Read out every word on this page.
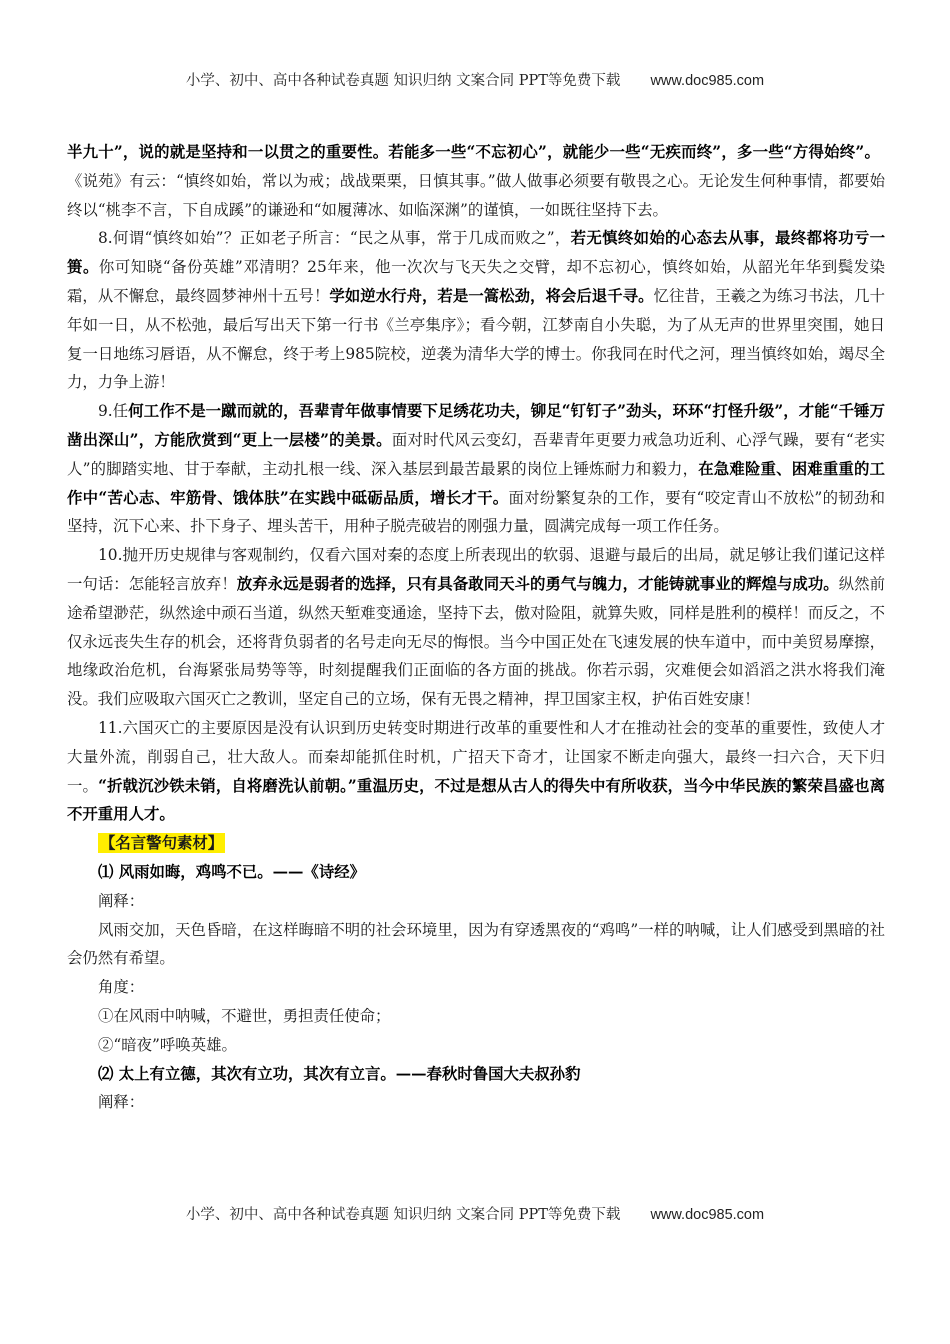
小学、初中、高中各种试卷真题 知识归纳 文案合同 PPT等免费下载 www.doc985.com

半九十”，说的就是坚持和一以贯之的重要性。若能多一些“不忘初心”，就能少一些“无疾而终”，多一些“方得始终”。  《说苑》有云：“慎终如始，常以为戒；战战栗栗，日慎其事。”做人做事必须要有敬畏之心。无论发生何种事情，都要始终以“桃李不言，下自成蹊”的谦逊和“如履薄冰、如临深渊”的谨慎，一如既往坚持下去。

8.何谓“慎终如始”？正如老子所言：“民之从事，常于几成而败之”，若无慎终如始的心态去从事，最终都将功亏一篑。你可知晓“备份英雄”邓清明？25年来，他一次次与飞天失之交臂，却不忘初心，慎终如始，从韶光年华到鬓发染霜，从不懈怠，最终圆梦神州十五号！学如逆水行舟，若是一篙松劲，将会后退千寻。忆往昔，王羲之为练习书法，几十年如一日，从不松弛，最后写出天下第一行书《兰亭集序》；看今朝，江梦南自小失聪，为了从无声的世界里突围，她日复一日地练习唇语，从不懈怠，终于考上985院校，逆袭为清华大学的博士。你我同在时代之河，理当慎终如始，竭尽全力，力争上游！

9.任何工作不是一蹴而就的，吾辈青年做事情要下足绣花功夫，铆足“钉钉子”劲头，环环“打怪升级”，才能“千锤万凿出深山”，方能欣赏到“更上一层楼”的美景。面对时代风云变幻，吾辈青年更要力戒急功近利、心浮气躁，要有“老实人”的脚踏实地、甘于奉献，主动扎根一线、深入基层到最苦最累的岗位上锤炼耐力和毅力，在急难险重、困难重重的工作中“苦心志、牢筋骨、饿体肤”在实践中砥砺品质，增长才干。面对纷繁复杂的工作，要有“咬定青山不放松”的韧劲和坚持，沉下心来、扑下身子、埋头苦干，用种子脱壳破岩的刚强力量，圆满完成每一项工作任务。

10.抛开历史规律与客观制约，仅看六国对秦的态度上所表现出的软弱、退避与最后的出局，就足够让我们谨记这样一句话：怎能轻言放弃！放弃永远是弱者的选择，只有具备敢同天斗的勇气与魄力，才能铸就事业的辉煌与成功。纵然前途希望渺茫，纵然途中顽石当道，纵然天堑难变通途，坚持下去，傲对险阻，就算失败，同样是胜利的模样！而反之，不仅永远丧失生存的机会，还将背负弱者的名号走向无尽的悔恨。当今中国正处在飞速发展的快车道中，而中美贸易摩擦，地缘政治危机，台海紧张局势等等，时刻提醒我们正面临的各方面的挑战。你若示弱，灾难便会如滔滔之洪水将我们淹没。我们应吸取六国灭亡之教训，坚定自己的立场，保有无畏之精神，捍卫国家主权，护佑百姓安康！

11.六国灭亡的主要原因是没有认识到历史转变时期进行改革的重要性和人才在推动社会的变革的重要性，致使人才大量外流，削弱自己，壮大敌人。而秦却能抓住时机，广招天下奇才，让国家不断走向强大，最终一扫六合，天下归一。“折戟沉沙铁未销，自将磨洗认前朝。”重温历史，不过是想从古人的得失中有所收获，当今中华民族的繁荣昌盛也离不开重用人才。

【名言警句素材】

⑴ 风雨如晦，鸡鸣不已。——《诗经》

阐释：

风雨交加，天色昏暗，在这样晦暗不明的社会环境里，因为有穿透黑夜的“鸡鸣”一样的呐喊，让人们感受到黑暗的社会仍然有希望。

角度：

①在风雨中呐喊，不避世，勇担责任使命；

②“暗夜”呼唤英雄。

⑵ 太上有立德，其次有立功，其次有立言。——春秋时鲁国大夫叔孙豹

阐释：

小学、初中、高中各种试卷真题 知识归纳 文案合同 PPT等免费下载 www.doc985.com
